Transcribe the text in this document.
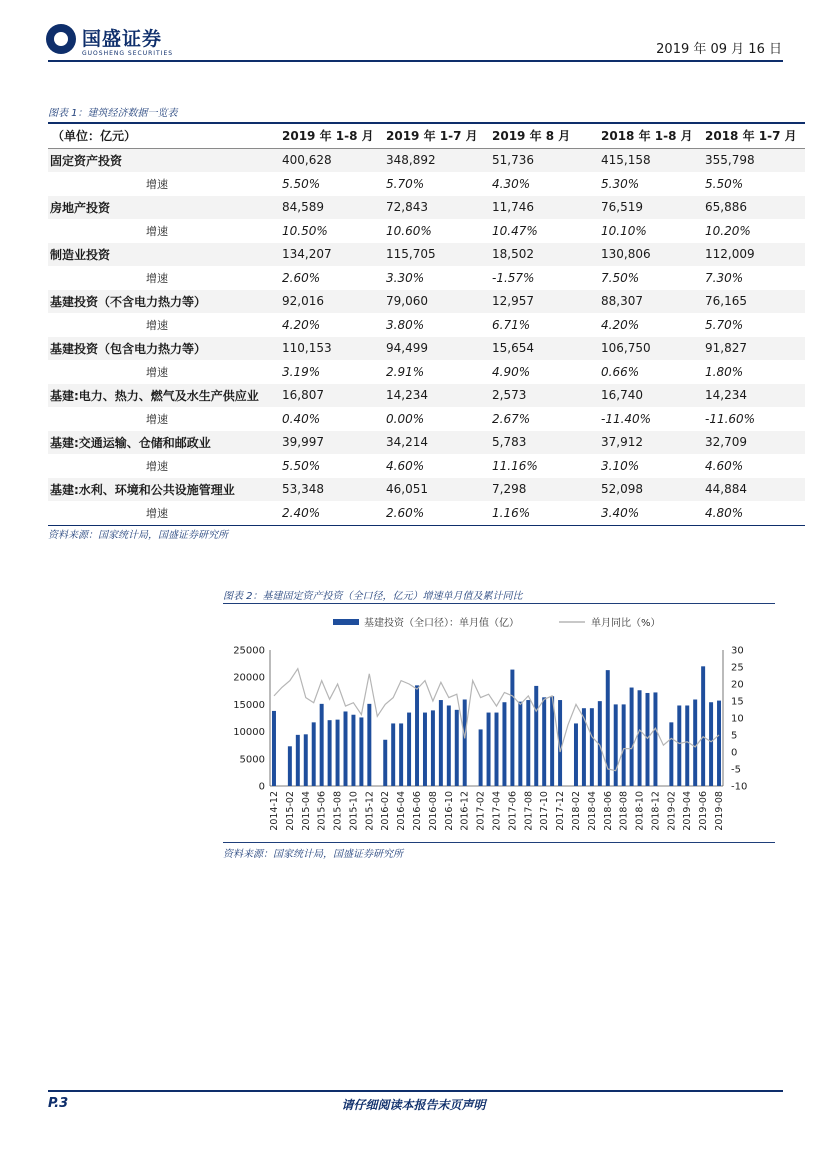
国盛证券
GUOSHENG SECURITIES	2019 年 09 月 16 日
图表 1：建筑经济数据一览表
（单位：亿元）	2019 年 1-8 月	2019 年 1-7 月	2019 年 8 月	2018 年 1-8 月	2018 年 1-7 月
固定资产投资	400,628	348,892	51,736	415,158	355,798
增速	5.50%	5.70%	4.30%	5.30%	5.50%
房地产投资	84,589	72,843	11,746	76,519	65,886
增速	10.50%	10.60%	10.47%	10.10%	10.20%
制造业投资	134,207	115,705	18,502	130,806	112,009
增速	2.60%	3.30%	-1.57%	7.50%	7.30%
基建投资（不含电力热力等）	92,016	79,060	12,957	88,307	76,165
增速	4.20%	3.80%	6.71%	4.20%	5.70%
基建投资（包含电力热力等）	110,153	94,499	15,654	106,750	91,827
增速	3.19%	2.91%	4.90%	0.66%	1.80%
基建:电力、热力、燃气及水生产供应业	16,807	14,234	2,573	16,740	14,234
增速	0.40%	0.00%	2.67%	-11.40%	-11.60%
基建:交通运输、仓储和邮政业	39,997	34,214	5,783	37,912	32,709
增速	5.50%	4.60%	11.16%	3.10%	4.60%
基建:水利、环境和公共设施管理业	53,348	46,051	7,298	52,098	44,884
增速	2.40%	2.60%	1.16%	3.40%	4.80%
资料来源：国家统计局，国盛证券研究所
图表 2：基建固定资产投资（全口径，亿元）增速单月值及累计同比
基建投资（全口径）：单月值（亿）	单月同比（%）
0
5000
10000
15000
20000
25000
-10
-5
0
5
10
15
20
25
30
2014-12 2015-02 2015-04 2015-06 2015-08 2015-10 2015-12 2016-02 2016-04 2016-06 2016-08 2016-10 2016-12 2017-02 2017-04 2017-06 2017-08 2017-10 2017-12 2018-02 2018-04 2018-06 2018-08 2018-10 2018-12 2019-02 2019-04 2019-06 2019-08
资料来源：国家统计局，国盛证券研究所
P.3	请仔细阅读本报告末页声明
